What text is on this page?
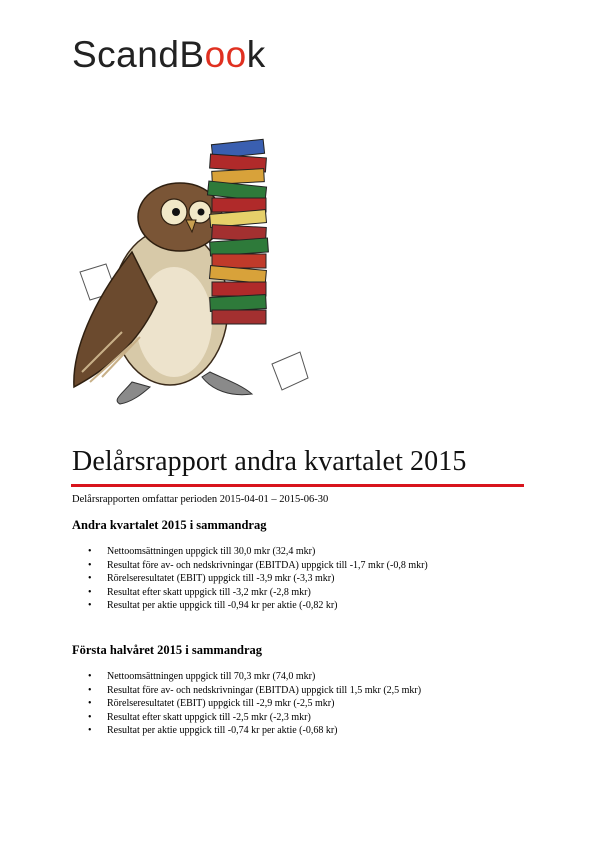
ScandBook
Delårsrapport andra kvartalet 2015
Delårsrapporten omfattar perioden 2015-04-01 – 2015-06-30
Andra kvartalet 2015 i sammandrag
• Nettoomsättningen uppgick till 30,0 mkr (32,4 mkr)
• Resultat före av- och nedskrivningar (EBITDA) uppgick till -1,7 mkr (-0,8 mkr)
• Rörelseresultatet (EBIT) uppgick till -3,9 mkr (-3,3 mkr)
• Resultat efter skatt uppgick till -3,2 mkr (-2,8 mkr)
• Resultat per aktie uppgick till -0,94 kr per aktie (-0,82 kr)
Första halvåret 2015 i sammandrag
• Nettoomsättningen uppgick till 70,3 mkr (74,0 mkr)
• Resultat före av- och nedskrivningar (EBITDA) uppgick till 1,5 mkr (2,5 mkr)
• Rörelseresultatet (EBIT) uppgick till -2,9 mkr (-2,5 mkr)
• Resultat efter skatt uppgick till -2,5 mkr (-2,3 mkr)
• Resultat per aktie uppgick till -0,74 kr per aktie (-0,68 kr)
